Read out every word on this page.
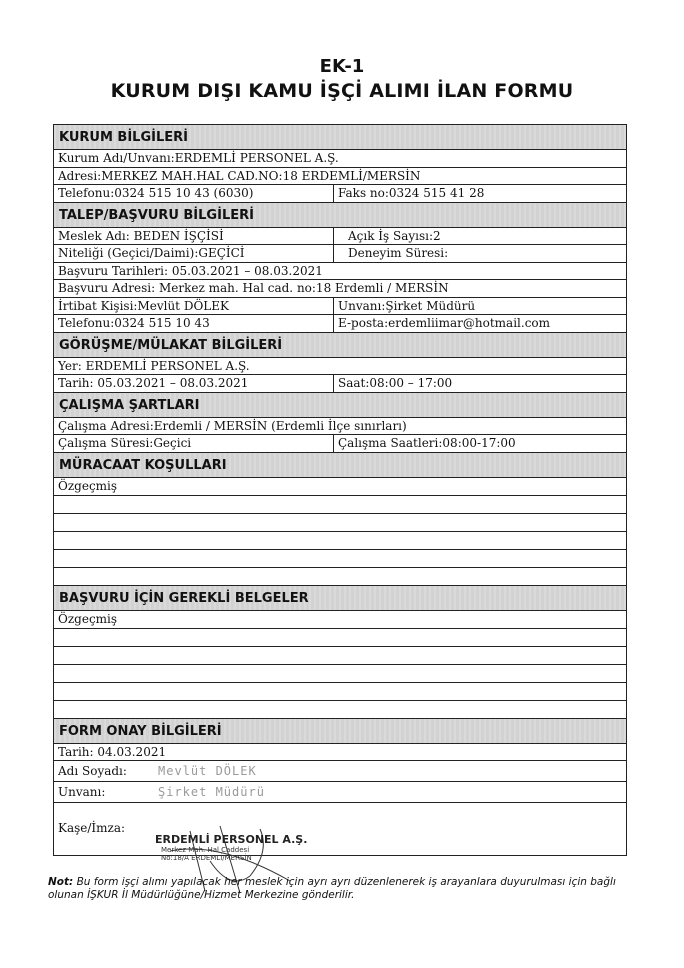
EK-1
KURUM DIŞI KAMU İŞÇİ ALIMI İLAN FORMU
KURUM BİLGİLERİ
Kurum Adı/Unvanı:ERDEMLİ PERSONEL A.Ş.
Adresi:MERKEZ MAH.HAL CAD.NO:18 ERDEMLİ/MERSİN
Telefonu:0324 515 10 43 (6030)	Faks no:0324 515 41 28
TALEP/BAŞVURU BİLGİLERİ
Meslek Adı: BEDEN İŞÇİSİ	Açık İş Sayısı:2
Niteliği (Geçici/Daimi):GEÇİCİ	Deneyim Süresi:
Başvuru Tarihleri: 05.03.2021 – 08.03.2021
Başvuru Adresi: Merkez mah. Hal cad. no:18 Erdemli / MERSİN
İrtibat Kişisi:Mevlüt DÖLEK	Unvanı:Şirket Müdürü
Telefonu:0324 515 10 43	E-posta:erdemliimar@hotmail.com
GÖRÜŞME/MÜLAKAT BİLGİLERİ
Yer: ERDEMLİ PERSONEL A.Ş.
Tarih: 05.03.2021 – 08.03.2021	Saat:08:00 – 17:00
ÇALIŞMA ŞARTLARI
Çalışma Adresi:Erdemli / MERSİN (Erdemli İlçe sınırları)
Çalışma Süresi:Geçici	Çalışma Saatleri:08:00-17:00
MÜRACAAT KOŞULLARI
Özgeçmiş
BAŞVURU İÇİN GEREKLİ BELGELER
Özgeçmiş
FORM ONAY BİLGİLERİ
Tarih: 04.03.2021
Adı Soyadı:	Mevlüt DÖLEK
Unvanı:	Şirket Müdürü
Kaşe/İmza:
ERDEMLİ PERSONEL A.Ş.
Merkez Mah. Hal Caddesi
No:18/A ERDEMLİ/MERSİN
Not: Bu form işçi alımı yapılacak her meslek için ayrı ayrı düzenlenerek iş arayanlara duyurulması için bağlı olunan İŞKUR İl Müdürlüğüne/Hizmet Merkezine gönderilir.
